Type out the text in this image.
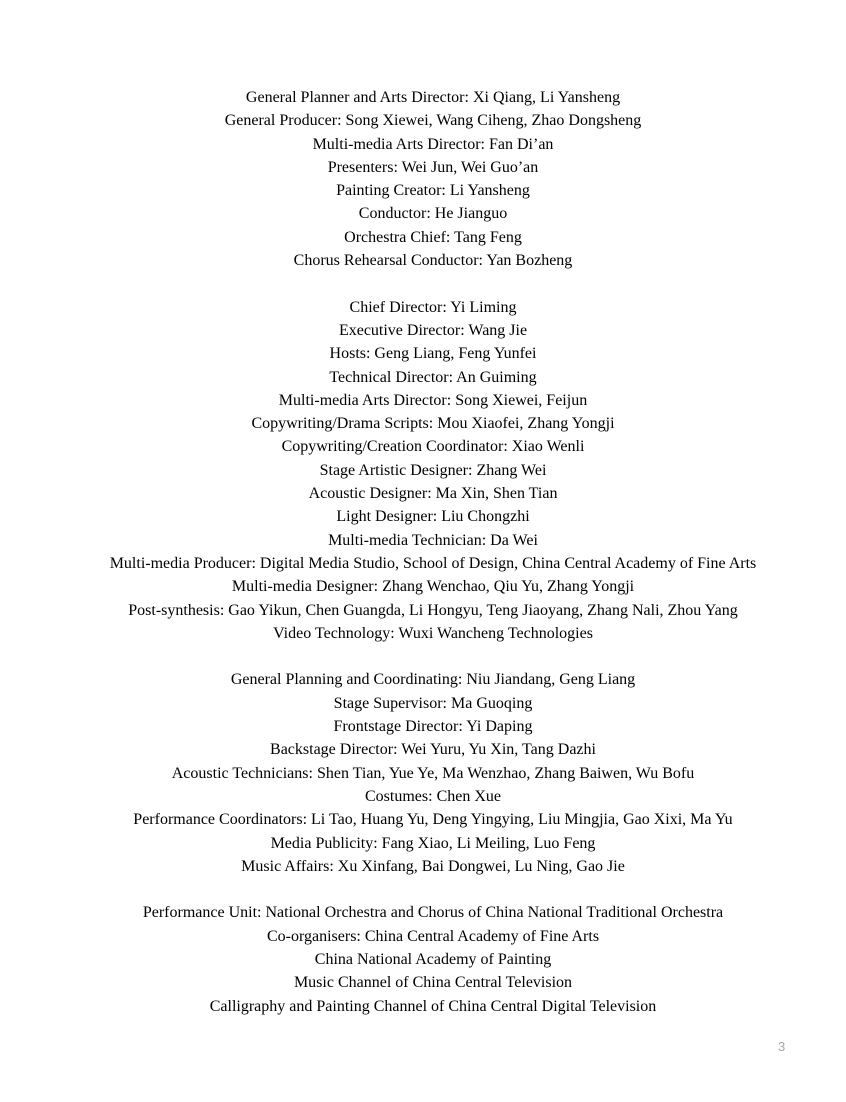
General Planner and Arts Director: Xi Qiang, Li Yansheng
General Producer: Song Xiewei, Wang Ciheng, Zhao Dongsheng
Multi-media Arts Director: Fan Di’an
Presenters: Wei Jun, Wei Guo’an
Painting Creator: Li Yansheng
Conductor: He Jianguo
Orchestra Chief: Tang Feng
Chorus Rehearsal Conductor: Yan Bozheng
Chief Director: Yi Liming
Executive Director: Wang Jie
Hosts: Geng Liang, Feng Yunfei
Technical Director: An Guiming
Multi-media Arts Director: Song Xiewei, Feijun
Copywriting/Drama Scripts: Mou Xiaofei, Zhang Yongji
Copywriting/Creation Coordinator: Xiao Wenli
Stage Artistic Designer: Zhang Wei
Acoustic Designer: Ma Xin, Shen Tian
Light Designer: Liu Chongzhi
Multi-media Technician: Da Wei
Multi-media Producer: Digital Media Studio, School of Design, China Central Academy of Fine Arts
Multi-media Designer: Zhang Wenchao, Qiu Yu, Zhang Yongji
Post-synthesis: Gao Yikun, Chen Guangda, Li Hongyu, Teng Jiaoyang, Zhang Nali, Zhou Yang
Video Technology: Wuxi Wancheng Technologies
General Planning and Coordinating: Niu Jiandang, Geng Liang
Stage Supervisor: Ma Guoqing
Frontstage Director: Yi Daping
Backstage Director: Wei Yuru, Yu Xin, Tang Dazhi
Acoustic Technicians: Shen Tian, Yue Ye, Ma Wenzhao, Zhang Baiwen, Wu Bofu
Costumes: Chen Xue
Performance Coordinators: Li Tao, Huang Yu, Deng Yingying, Liu Mingjia, Gao Xixi, Ma Yu
Media Publicity: Fang Xiao, Li Meiling, Luo Feng
Music Affairs: Xu Xinfang, Bai Dongwei, Lu Ning, Gao Jie
Performance Unit: National Orchestra and Chorus of China National Traditional Orchestra
Co-organisers: China Central Academy of Fine Arts
China National Academy of Painting
Music Channel of China Central Television
Calligraphy and Painting Channel of China Central Digital Television
3
